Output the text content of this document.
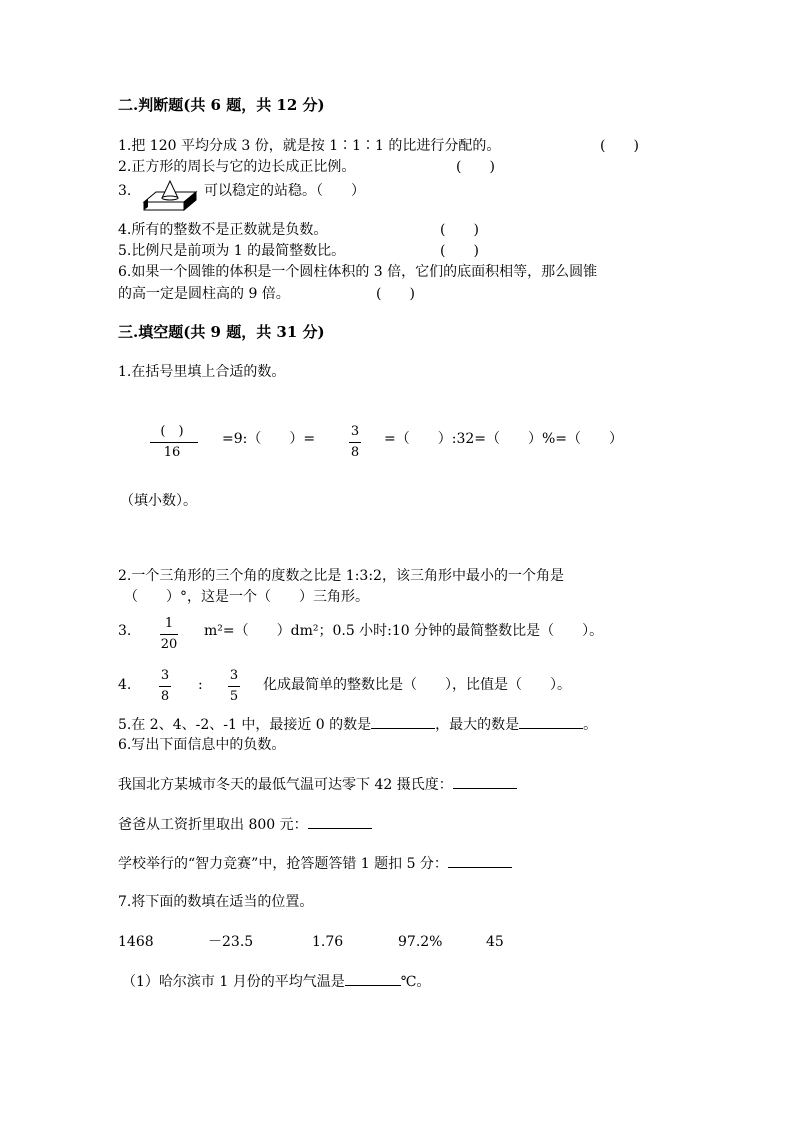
二.判断题(共 6 题，共 12 分)
1.把 120 平均分成 3 份，就是按 1∶1∶1 的比进行分配的。	(　　)
2.正方形的周长与它的边长成正比例。	(　　)
3.	可以稳定的站稳。（　　）
4.所有的整数不是正数就是负数。	(　　)
5.比例尺是前项为 1 的最简整数比。	(　　)
6.如果一个圆锥的体积是一个圆柱体积的 3 倍，它们的底面积相等，那么圆锥
的高一定是圆柱高的 9 倍。	(　　)
三.填空题(共 9 题，共 31 分)
1.在括号里填上合适的数。
(　)
16
=9:（　　）=	3
8
=（　　）:32=（　　）%=（　　）
（填小数）。
2.一个三角形的三个角的度数之比是 1:3:2，该三角形中最小的一个角是
（　　）°，这是一个（　　）三角形。
3.	1
20
m²=（　　）dm²；0.5 小时:10 分钟的最简整数比是（　　）。
4.
3
8
:
3
5
化成最简单的整数比是（　　），比值是（　　）。
5.在 2、4、-2、-1 中，最接近 0 的数是	，最大的数是	。
6.写出下面信息中的负数。
我国北方某城市冬天的最低气温可达零下 42 摄氏度：
爸爸从工资折里取出 800 元：
学校举行的“智力竞赛”中，抢答题答错 1 题扣 5 分：
7.将下面的数填在适当的位置。
1468	－23.5	1.76	97.2%	45
（1）哈尔滨市 1 月份的平均气温是	℃。
